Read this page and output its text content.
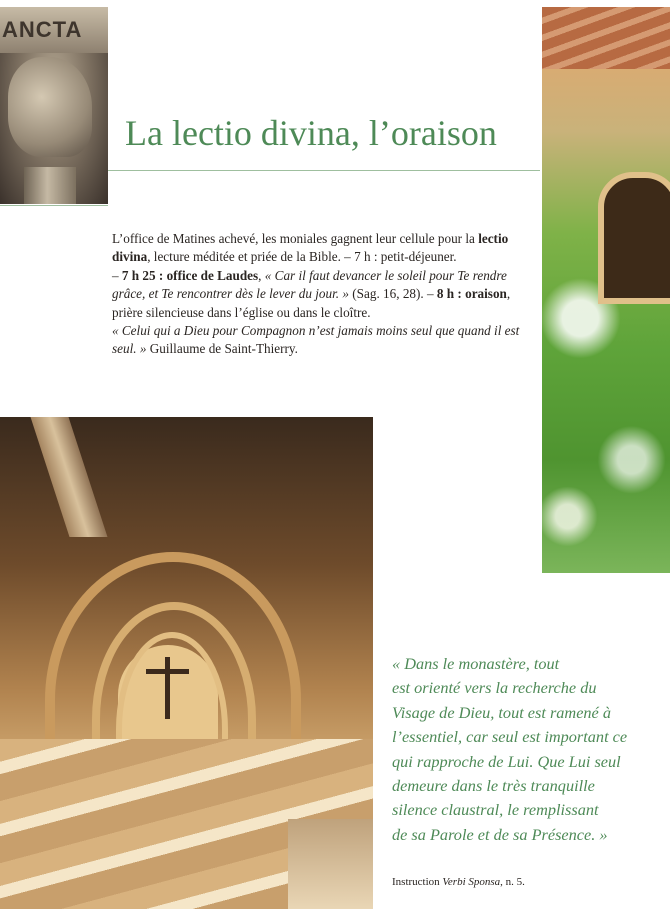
ANCTA
La lectio divina, l’oraison

L’office de Matines achevé, les moniales gagnent leur cellule pour la lectio divina, lecture méditée et priée de la Bible. – 7 h : petit-déjeuner.
– 7 h 25 : office de Laudes, « Car il faut devancer le soleil pour Te rendre grâce, et Te rencontrer dès le lever du jour. » (Sag. 16, 28). – 8 h : oraison, prière silencieuse dans l’église ou dans le cloître.
« Celui qui a Dieu pour Compagnon n’est jamais moins seul que quand il est seul. » Guillaume de Saint-Thierry.

« Dans le monastère, tout
est orienté vers la recherche du
Visage de Dieu, tout est ramené à
l’essentiel, car seul est important ce
qui rapproche de Lui. Que Lui seul
demeure dans le très tranquille
silence claustral, le remplissant
de sa Parole et de sa Présence. »

Instruction Verbi Sponsa, n. 5.
